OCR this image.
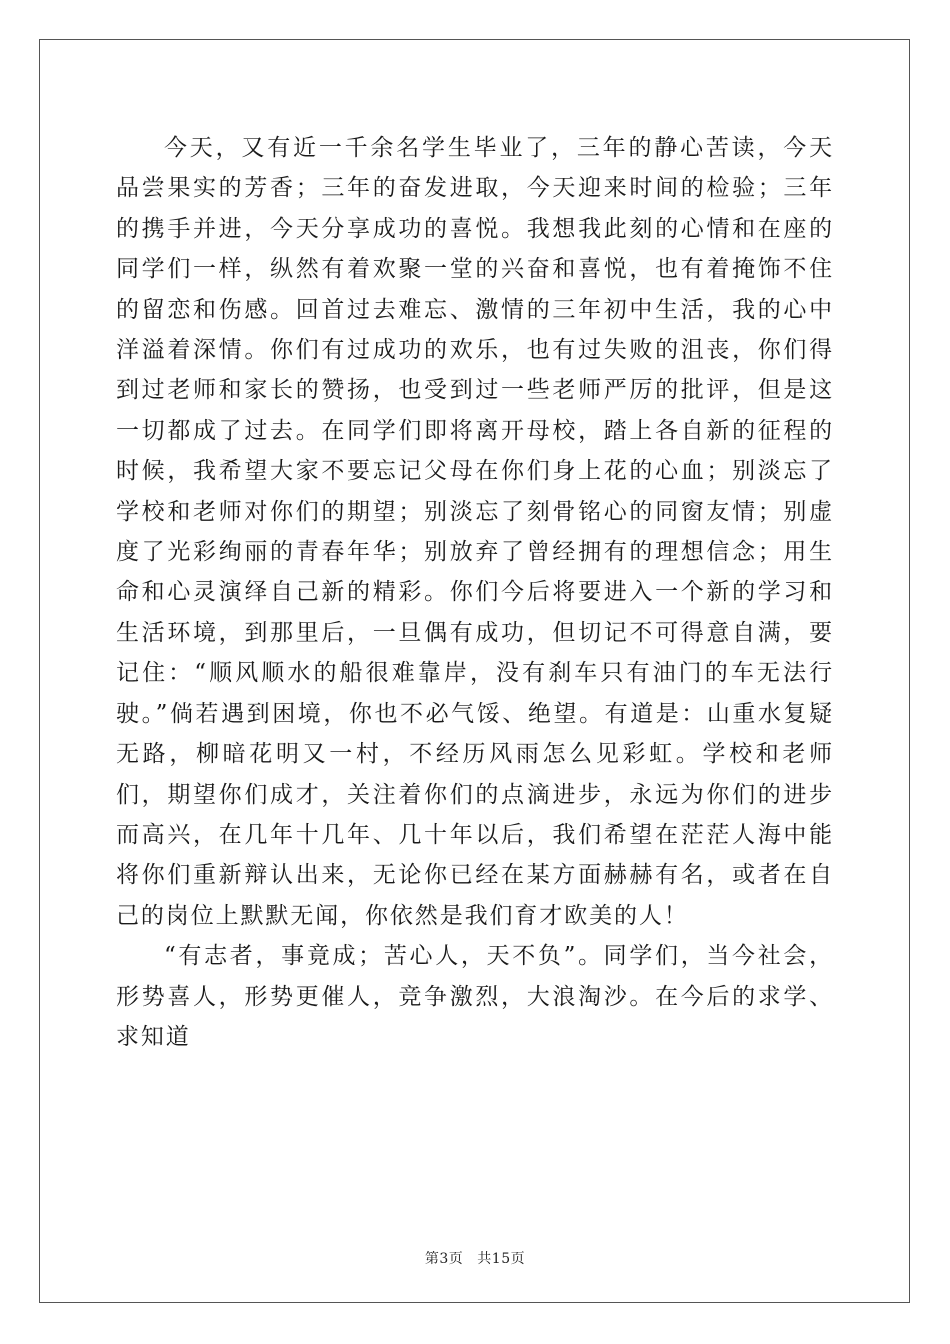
今天，又有近一千余名学生毕业了，三年的静心苦读，今天品尝果实的芳香；三年的奋发进取，今天迎来时间的检验；三年的携手并进，今天分享成功的喜悦。我想我此刻的心情和在座的同学们一样，纵然有着欢聚一堂的兴奋和喜悦，也有着掩饰不住的留恋和伤感。回首过去难忘、激情的三年初中生活，我的心中洋溢着深情。你们有过成功的欢乐，也有过失败的沮丧，你们得到过老师和家长的赞扬，也受到过一些老师严厉的批评，但是这一切都成了过去。在同学们即将离开母校，踏上各自新的征程的时候，我希望大家不要忘记父母在你们身上花的心血；别淡忘了学校和老师对你们的期望；别淡忘了刻骨铭心的同窗友情；别虚度了光彩绚丽的青春年华；别放弃了曾经拥有的理想信念；用生命和心灵演绎自己新的精彩。你们今后将要进入一个新的学习和生活环境，到那里后，一旦偶有成功，但切记不可得意自满，要记住：“顺风顺水的船很难靠岸，没有刹车只有油门的车无法行驶。”倘若遇到困境，你也不必气馁、绝望。有道是：山重水复疑无路，柳暗花明又一村，不经历风雨怎么见彩虹。学校和老师们，期望你们成才，关注着你们的点滴进步，永远为你们的进步而高兴，在几年十几年、几十年以后，我们希望在茫茫人海中能将你们重新辩认出来，无论你已经在某方面赫赫有名，或者在自己的岗位上默默无闻，你依然是我们育才欧美的人！

“有志者，事竟成；苦心人，天不负”。同学们，当今社会，形势喜人，形势更催人，竞争激烈，大浪淘沙。在今后的求学、求知道

第3页 共15页
